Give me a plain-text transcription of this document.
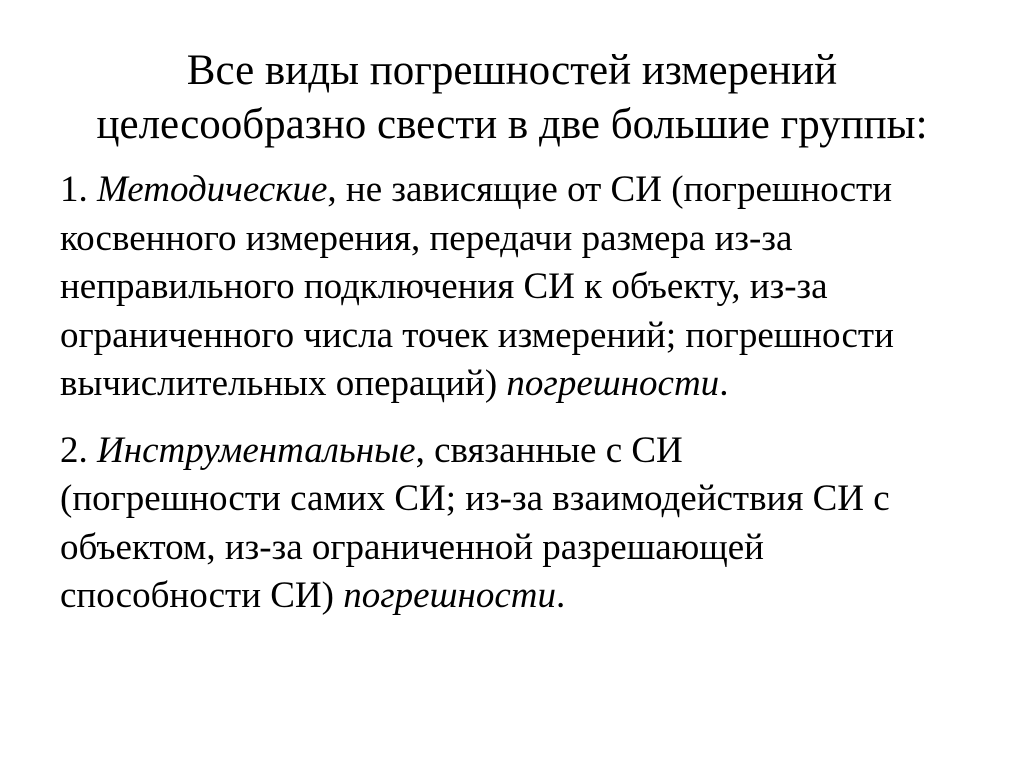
Все виды погрешностей измерений
целесообразно свести в две большие группы:
1. Методические, не зависящие от СИ (погрешности
косвенного измерения, передачи размера из-за
неправильного подключения СИ к объекту, из-за
ограниченного числа точек измерений; погрешности
вычислительных операций) погрешности.
2. Инструментальные, связанные с СИ
(погрешности самих СИ; из-за взаимодействия СИ с
объектом, из-за ограниченной разрешающей
способности СИ) погрешности.
